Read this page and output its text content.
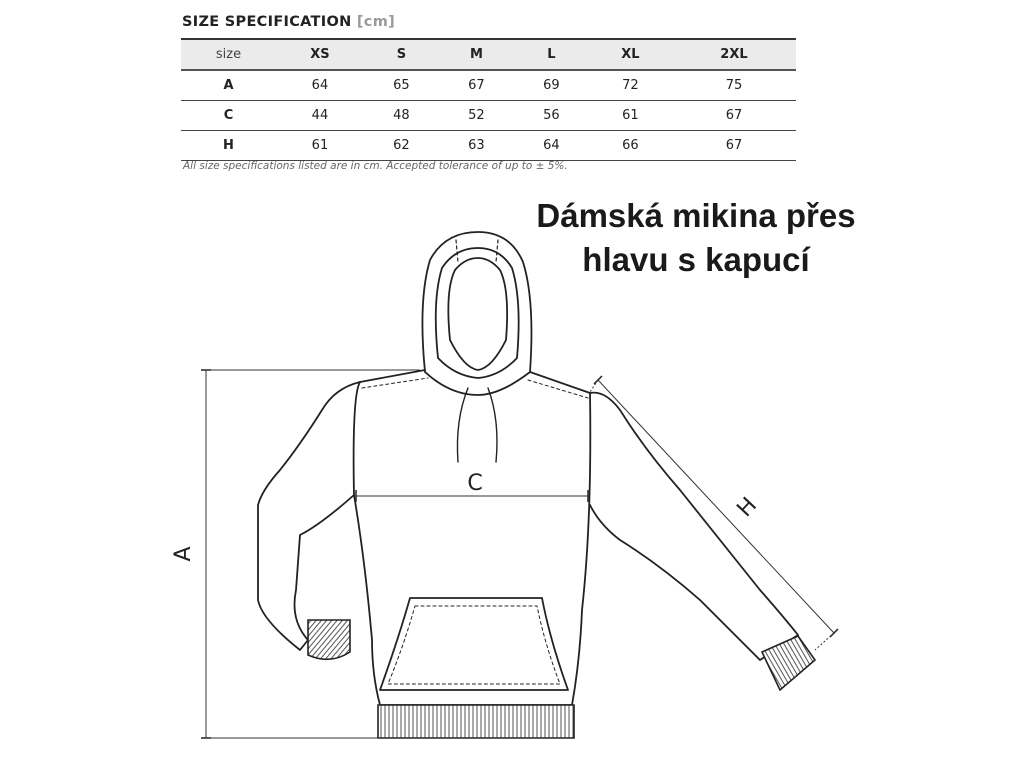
SIZE SPECIFICATION [cm]
size	XS	S	M	L	XL	2XL
A	64	65	67	69	72	75
C	44	48	52	56	61	67
H	61	62	63	64	66	67
All size specifications listed are in cm. Accepted tolerance of up to ± 5%.
Dámská mikina přes
hlavu s kapucí
A
C
H
